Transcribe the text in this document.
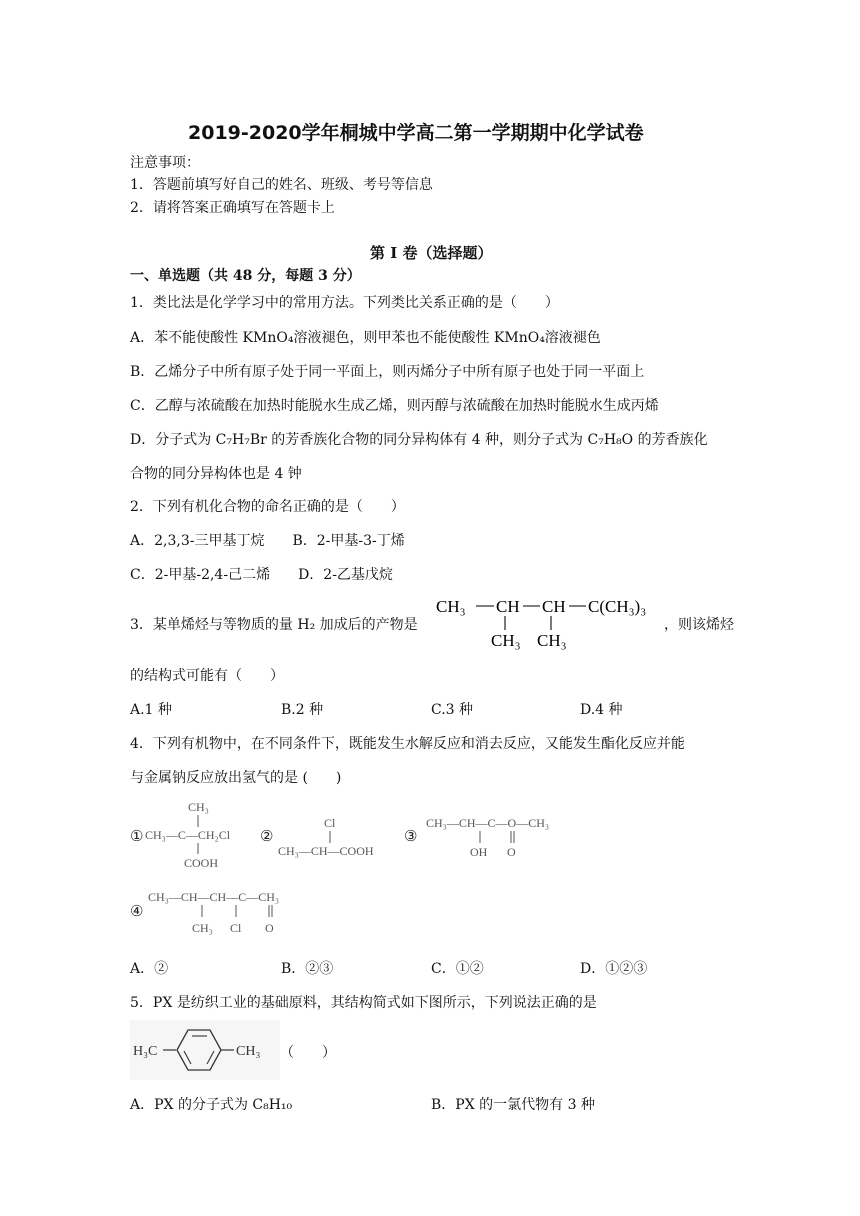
2019-2020学年桐城中学高二第一学期期中化学试卷
注意事项：
1．答题前填写好自己的姓名、班级、考号等信息
2．请将答案正确填写在答题卡上
第 I 卷（选择题）
一、单选题（共 48 分，每题 3 分）
1．类比法是化学学习中的常用方法。下列类比关系正确的是（　　）
A．苯不能使酸性 KMnO₄溶液褪色，则甲苯也不能使酸性 KMnO₄溶液褪色
B．乙烯分子中所有原子处于同一平面上，则丙烯分子中所有原子也处于同一平面上
C．乙醇与浓硫酸在加热时能脱水生成乙烯，则丙醇与浓硫酸在加热时能脱水生成丙烯
D．分子式为 C₇H₇Br 的芳香族化合物的同分异构体有 4 种，则分子式为 C₇H₈O 的芳香族化
合物的同分异构体也是 4 钟
2．下列有机化合物的命名正确的是（　　）
A．2,3,3-三甲基丁烷　　B．2-甲基-3-丁烯
C．2-甲基-2,4-己二烯　　D．2-乙基戊烷
3．某单烯烃与等物质的量 H₂ 加成后的产物是
CH₃ CH CH C(CH₃)₃
CH₃ CH₃
，则该烯烃
的结构式可能有（　　）
A.1 种	B.2 种	C.3 种	D.4 种
4．下列有机物中，在不同条件下，既能发生水解反应和消去反应，又能发生酯化反应并能
与金属钠反应放出氢气的是 (　　)
①
CH₃
CH₃—C—CH₂Cl
COOH
②
Cl
CH₃—CH—COOH
③
CH₃—CH—C—O—CH₃
OH O
④
CH₃—CH—CH—C—CH₃
CH₃ Cl O
A．②	B．②③	C．①②	D．①②③
5．PX 是纺织工业的基础原料，其结构简式如下图所示，下列说法正确的是
H₃C	CH₃ （　　）
A．PX 的分子式为 C₈H₁₀	B．PX 的一氯代物有 3 种
